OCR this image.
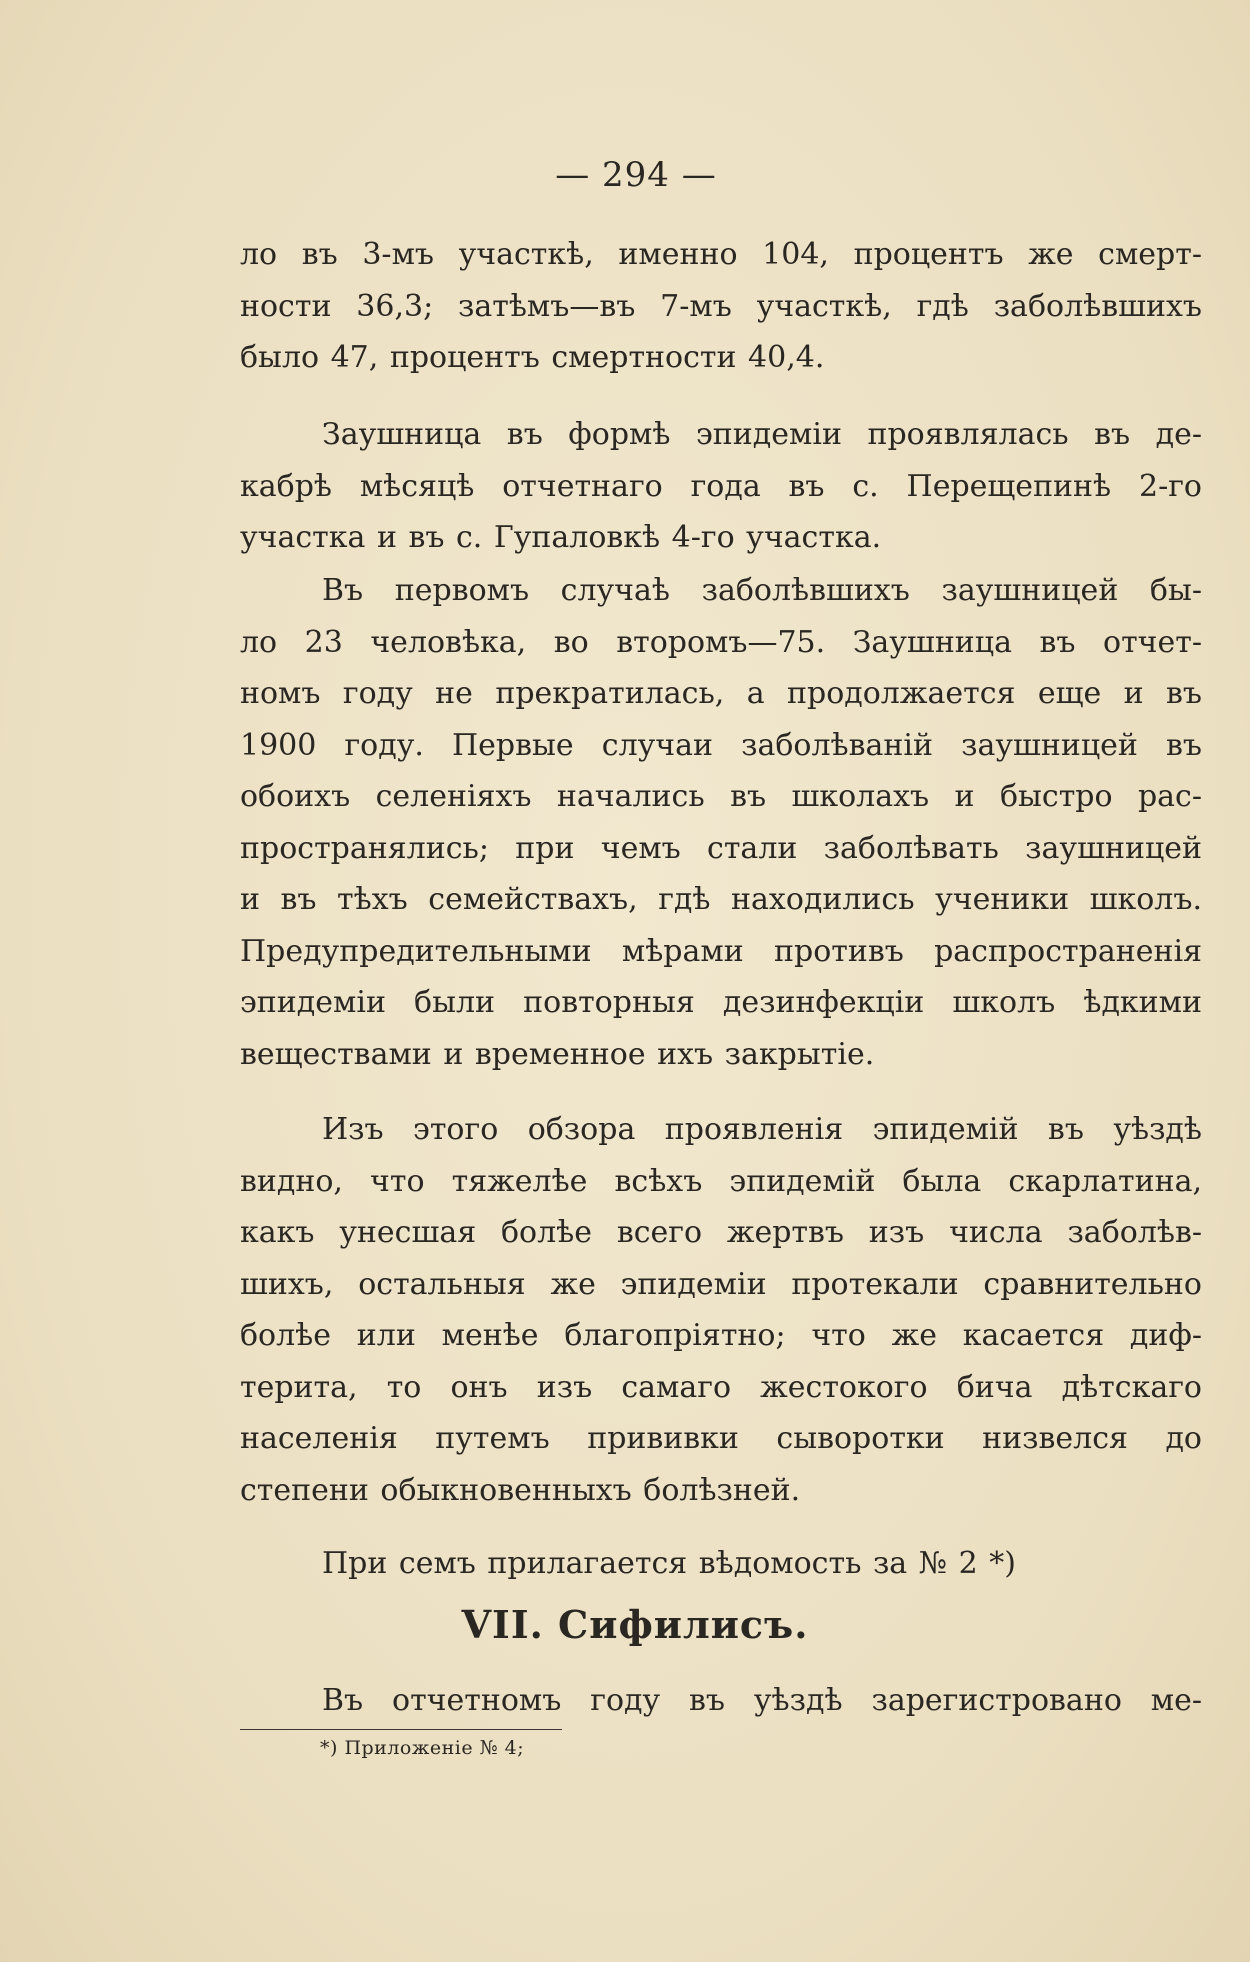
— 294 —
ло въ 3-мъ участкѣ, именно 104, процентъ же смерт-
ности 36,3; затѣмъ—въ 7-мъ участкѣ, гдѣ заболѣвшихъ
было 47, процентъ смертности 40,4.
Заушница въ формѣ эпидеміи проявлялась въ де-
кабрѣ мѣсяцѣ отчетнаго года въ с. Перещепинѣ 2-го
участка и въ с. Гупаловкѣ 4-го участка.
Въ первомъ случаѣ заболѣвшихъ заушницей бы-
ло 23 человѣка, во второмъ—75. Заушница въ отчет-
номъ году не прекратилась, а продолжается еще и въ
1900 году. Первые случаи заболѣваній заушницей въ
обоихъ селеніяхъ начались въ школахъ и быстро рас-
пространялись; при чемъ стали заболѣвать заушницей
и въ тѣхъ семействахъ, гдѣ находились ученики школъ.
Предупредительными мѣрами противъ распространенія
эпидеміи были повторныя дезинфекціи школъ ѣдкими
веществами и временное ихъ закрытіе.
Изъ этого обзора проявленія эпидемій въ уѣздѣ
видно, что тяжелѣе всѣхъ эпидемій была скарлатина,
какъ унесшая болѣе всего жертвъ изъ числа заболѣв-
шихъ, остальныя же эпидеміи протекали сравнительно
болѣе или менѣе благопріятно; что же касается диф-
терита, то онъ изъ самаго жестокого бича дѣтскаго
населенія путемъ прививки сыворотки низвелся до
степени обыкновенныхъ болѣзней.
При семъ прилагается вѣдомость за № 2 *)
VII. Сифилисъ.
Въ отчетномъ году въ уѣздѣ зарегистровано ме-
*) Приложеніе № 4;
